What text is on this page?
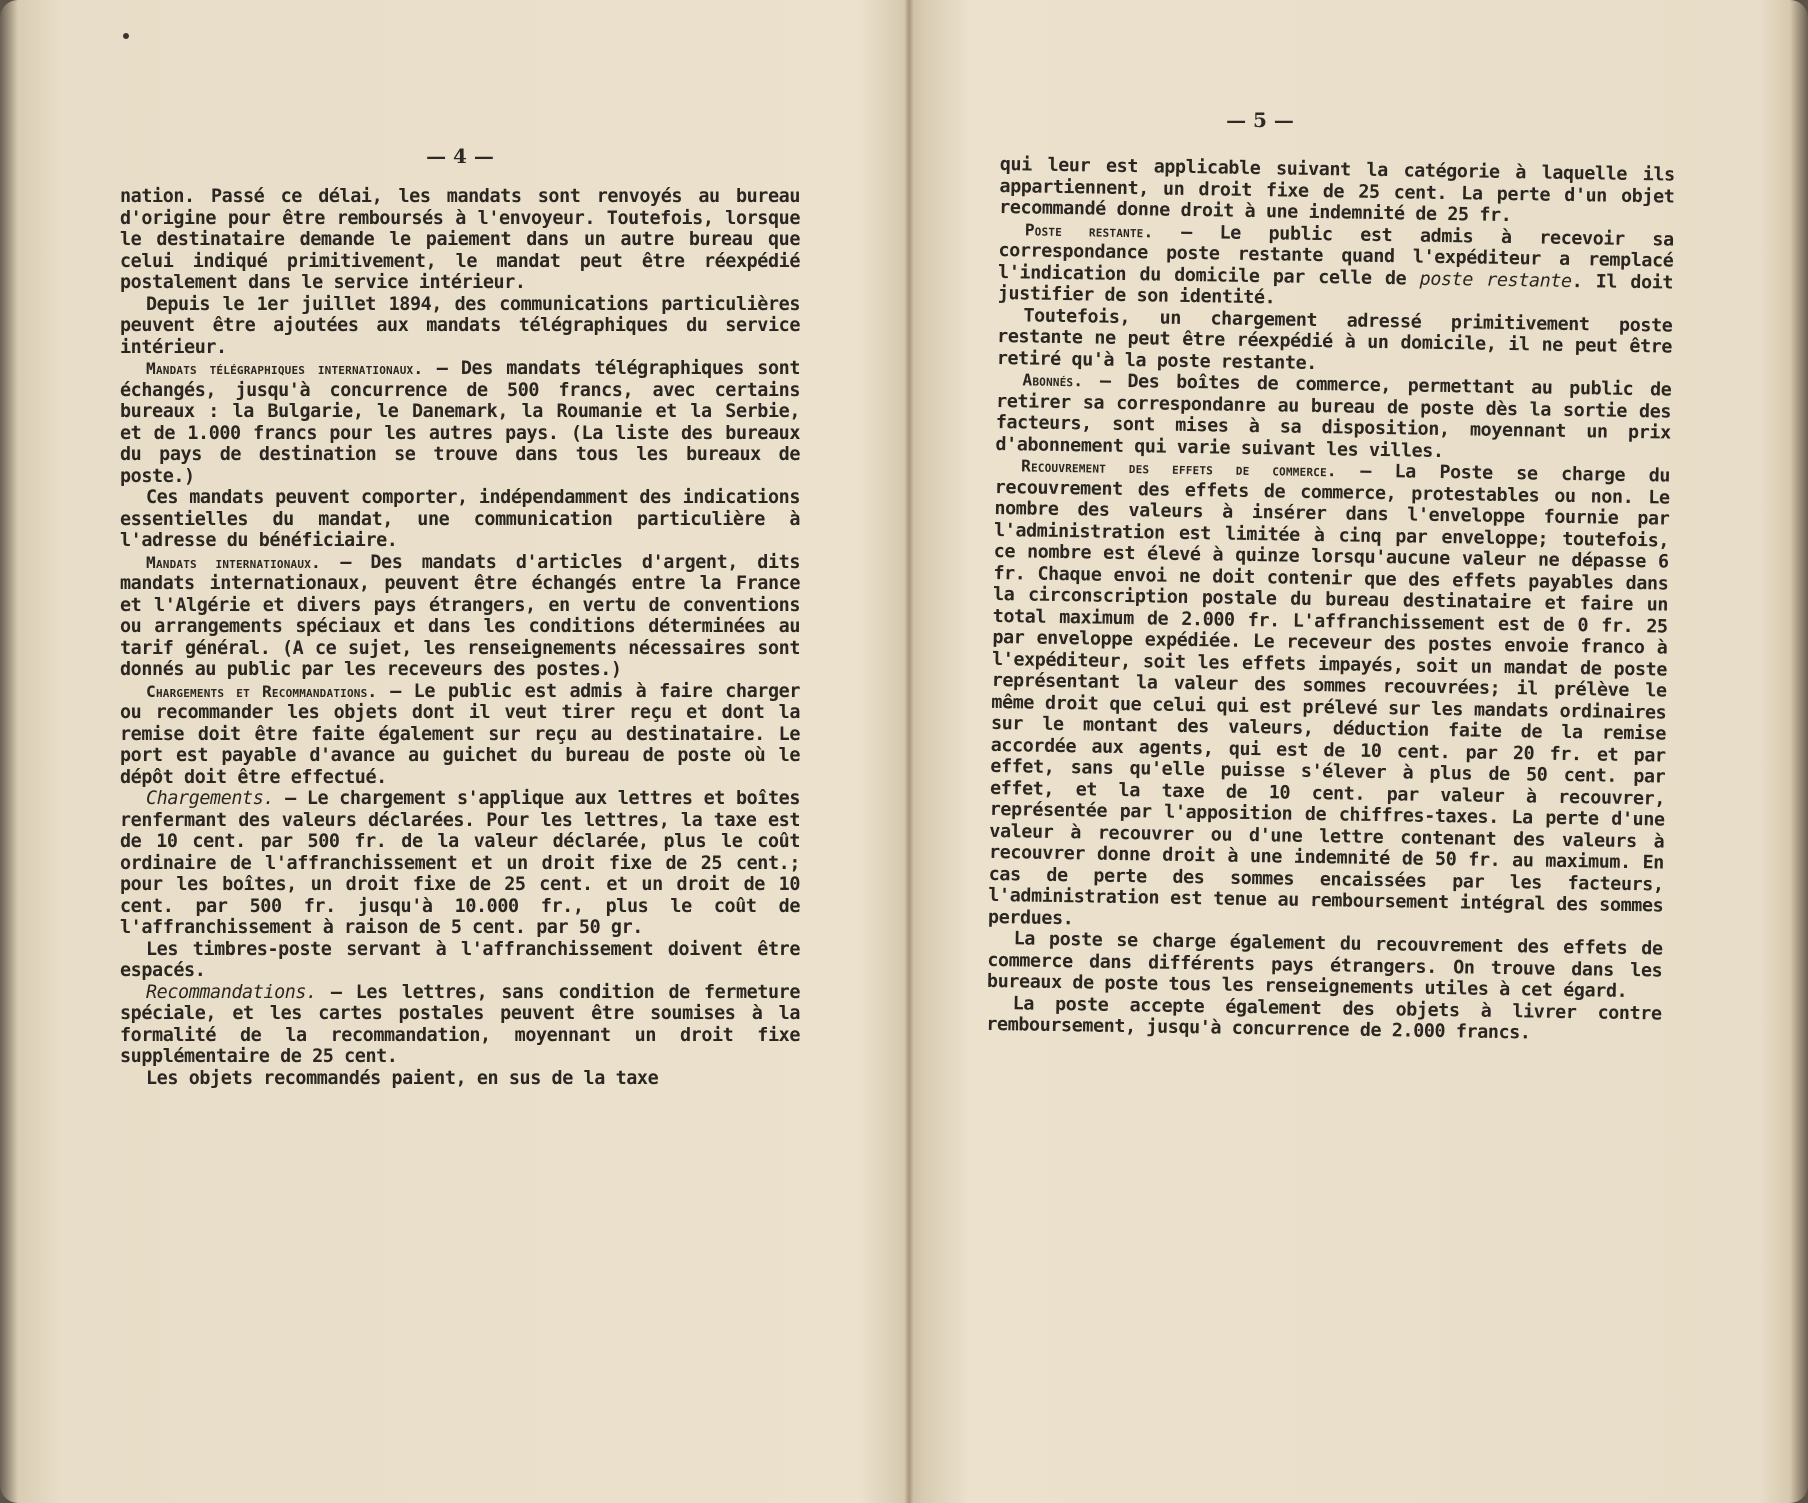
— 4 —

nation. Passé ce délai, les mandats sont renvoyés au bureau d'origine pour être remboursés à l'envoyeur. Toutefois, lorsque le destinataire demande le paiement dans un autre bureau que celui indiqué primitivement, le mandat peut être réexpédié postalement dans le service intérieur.

Depuis le 1er juillet 1894, des communications particulières peuvent être ajoutées aux mandats télégraphiques du service intérieur.

Mandats télégraphiques internationaux. — Des mandats télégraphiques sont échangés, jusqu'à concurrence de 500 francs, avec certains bureaux : la Bulgarie, le Danemark, la Roumanie et la Serbie, et de 1.000 francs pour les autres pays. (La liste des bureaux du pays de destination se trouve dans tous les bureaux de poste.)

Ces mandats peuvent comporter, indépendamment des indications essentielles du mandat, une communication particulière à l'adresse du bénéficiaire.

Mandats internationaux. — Des mandats d'articles d'argent, dits mandats internationaux, peuvent être échangés entre la France et l'Algérie et divers pays étrangers, en vertu de conventions ou arrangements spéciaux et dans les conditions déterminées au tarif général. (A ce sujet, les renseignements nécessaires sont donnés au public par les receveurs des postes.)

Chargements et Recommandations. — Le public est admis à faire charger ou recommander les objets dont il veut tirer reçu et dont la remise doit être faite également sur reçu au destinataire. Le port est payable d'avance au guichet du bureau de poste où le dépôt doit être effectué.

Chargements. — Le chargement s'applique aux lettres et boîtes renfermant des valeurs déclarées. Pour les lettres, la taxe est de 10 cent. par 500 fr. de la valeur déclarée, plus le coût ordinaire de l'affranchissement et un droit fixe de 25 cent.; pour les boîtes, un droit fixe de 25 cent. et un droit de 10 cent. par 500 fr. jusqu'à 10.000 fr., plus le coût de l'affranchissement à raison de 5 cent. par 50 gr.

Les timbres-poste servant à l'affranchissement doivent être espacés.

Recommandations. — Les lettres, sans condition de fermeture spéciale, et les cartes postales peuvent être soumises à la formalité de la recommandation, moyennant un droit fixe supplémentaire de 25 cent.

Les objets recommandés paient, en sus de la taxe

— 5 —

qui leur est applicable suivant la catégorie à laquelle ils appartiennent, un droit fixe de 25 cent. La perte d'un objet recommandé donne droit à une indemnité de 25 fr.

Poste restante. — Le public est admis à recevoir sa correspondance poste restante quand l'expéditeur a remplacé l'indication du domicile par celle de poste restante. Il doit justifier de son identité.

Toutefois, un chargement adressé primitivement poste restante ne peut être réexpédié à un domicile, il ne peut être retiré qu'à la poste restante.

Abonnés. — Des boîtes de commerce, permettant au public de retirer sa correspondanre au bureau de poste dès la sortie des facteurs, sont mises à sa disposition, moyennant un prix d'abonnement qui varie suivant les villes.

Recouvrement des effets de commerce. — La Poste se charge du recouvrement des effets de commerce, protestables ou non. Le nombre des valeurs à insérer dans l'enveloppe fournie par l'administration est limitée à cinq par enveloppe; toutefois, ce nombre est élevé à quinze lorsqu'aucune valeur ne dépasse 6 fr. Chaque envoi ne doit contenir que des effets payables dans la circonscription postale du bureau destinataire et faire un total maximum de 2.000 fr. L'affranchissement est de 0 fr. 25 par enveloppe expédiée. Le receveur des postes envoie franco à l'expéditeur, soit les effets impayés, soit un mandat de poste représentant la valeur des sommes recouvrées; il prélève le même droit que celui qui est prélevé sur les mandats ordinaires sur le montant des valeurs, déduction faite de la remise accordée aux agents, qui est de 10 cent. par 20 fr. et par effet, sans qu'elle puisse s'élever à plus de 50 cent. par effet, et la taxe de 10 cent. par valeur à recouvrer, représentée par l'apposition de chiffres-taxes. La perte d'une valeur à recouvrer ou d'une lettre contenant des valeurs à recouvrer donne droit à une indemnité de 50 fr. au maximum. En cas de perte des sommes encaissées par les facteurs, l'administration est tenue au remboursement intégral des sommes perdues.

La poste se charge également du recouvrement des effets de commerce dans différents pays étrangers. On trouve dans les bureaux de poste tous les renseignements utiles à cet égard.

La poste accepte également des objets à livrer contre remboursement, jusqu'à concurrence de 2.000 francs.
